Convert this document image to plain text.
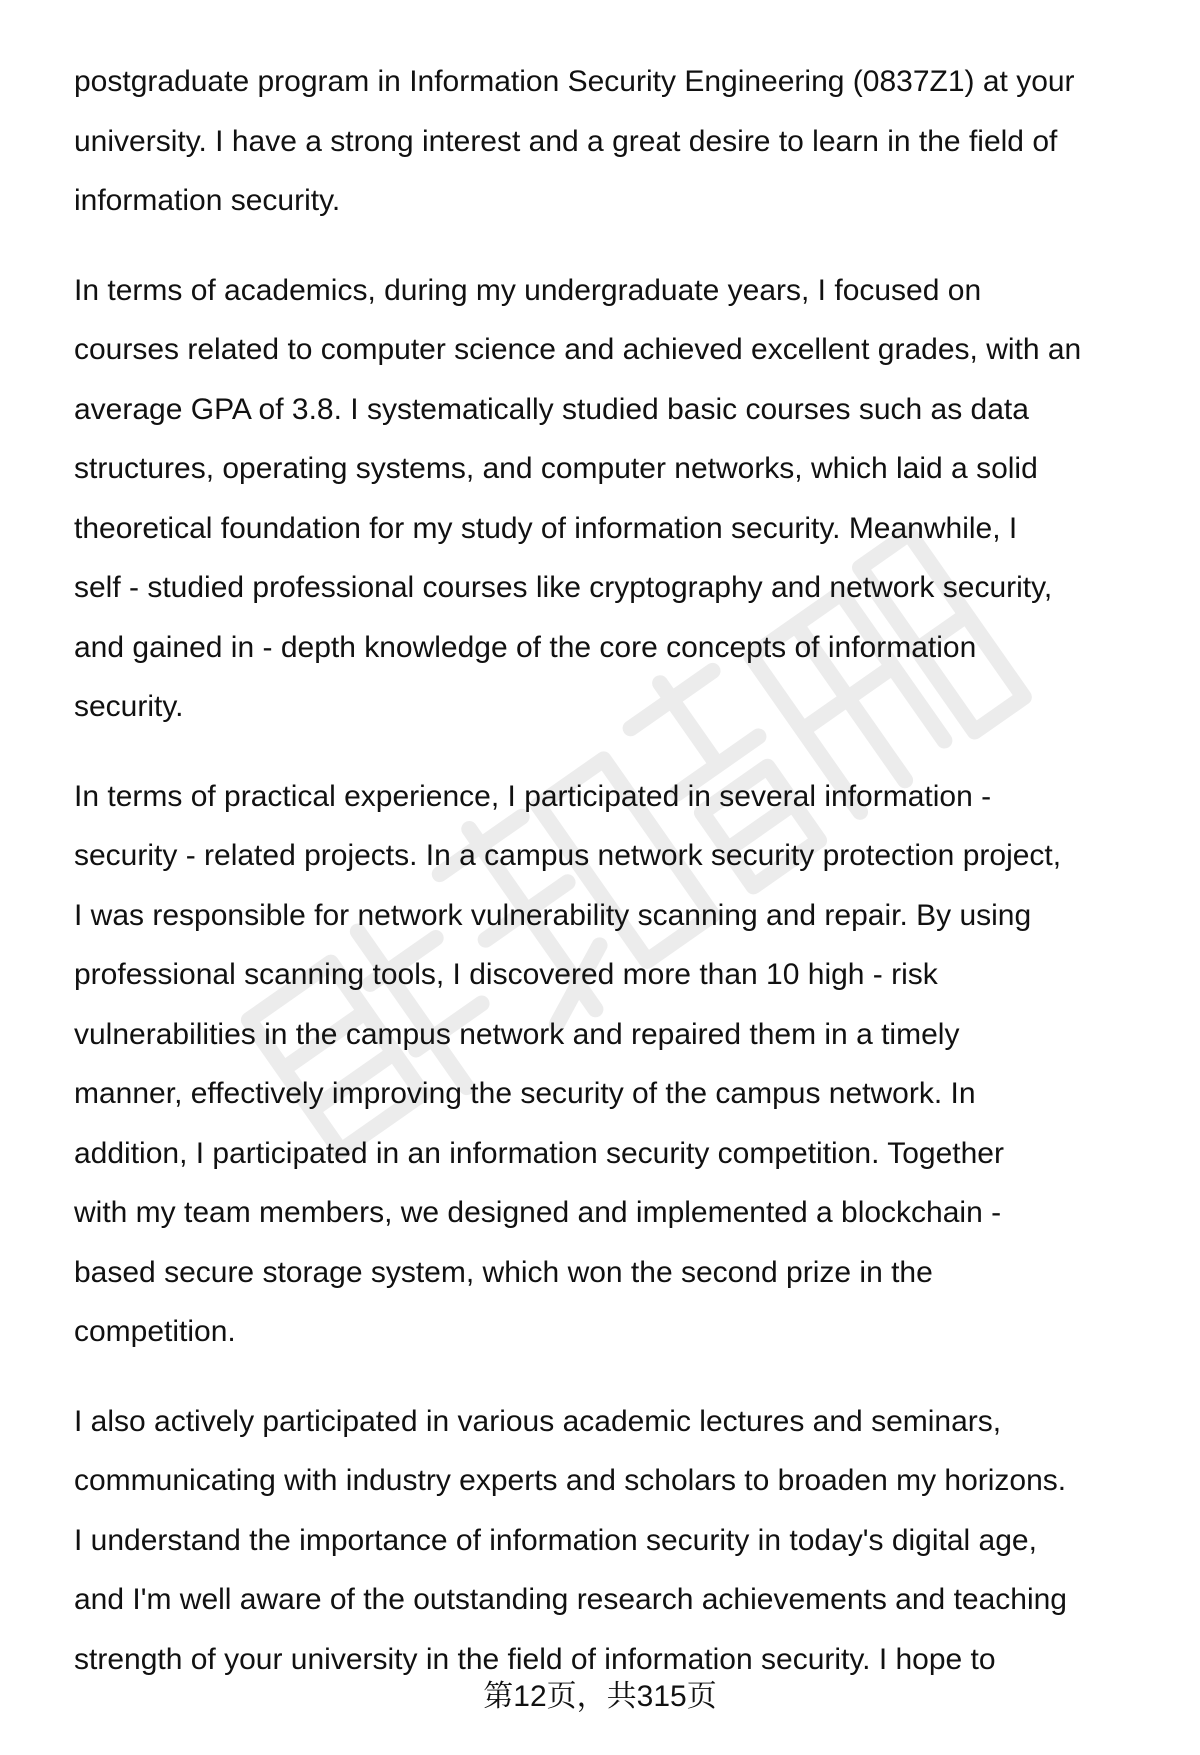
postgraduate program in Information Security Engineering (0837Z1) at your
university. I have a strong interest and a great desire to learn in the field of
information security.

In terms of academics, during my undergraduate years, I focused on
courses related to computer science and achieved excellent grades, with an
average GPA of 3.8. I systematically studied basic courses such as data
structures, operating systems, and computer networks, which laid a solid
theoretical foundation for my study of information security. Meanwhile, I
self - studied professional courses like cryptography and network security,
and gained in - depth knowledge of the core concepts of information
security.

In terms of practical experience, I participated in several information -
security - related projects. In a campus network security protection project,
I was responsible for network vulnerability scanning and repair. By using
professional scanning tools, I discovered more than 10 high - risk
vulnerabilities in the campus network and repaired them in a timely
manner, effectively improving the security of the campus network. In
addition, I participated in an information security competition. Together
with my team members, we designed and implemented a blockchain -
based secure storage system, which won the second prize in the
competition.

I also actively participated in various academic lectures and seminars,
communicating with industry experts and scholars to broaden my horizons.
I understand the importance of information security in today's digital age,
and I'm well aware of the outstanding research achievements and teaching
strength of your university in the field of information security. I hope to

第12页，共315页
